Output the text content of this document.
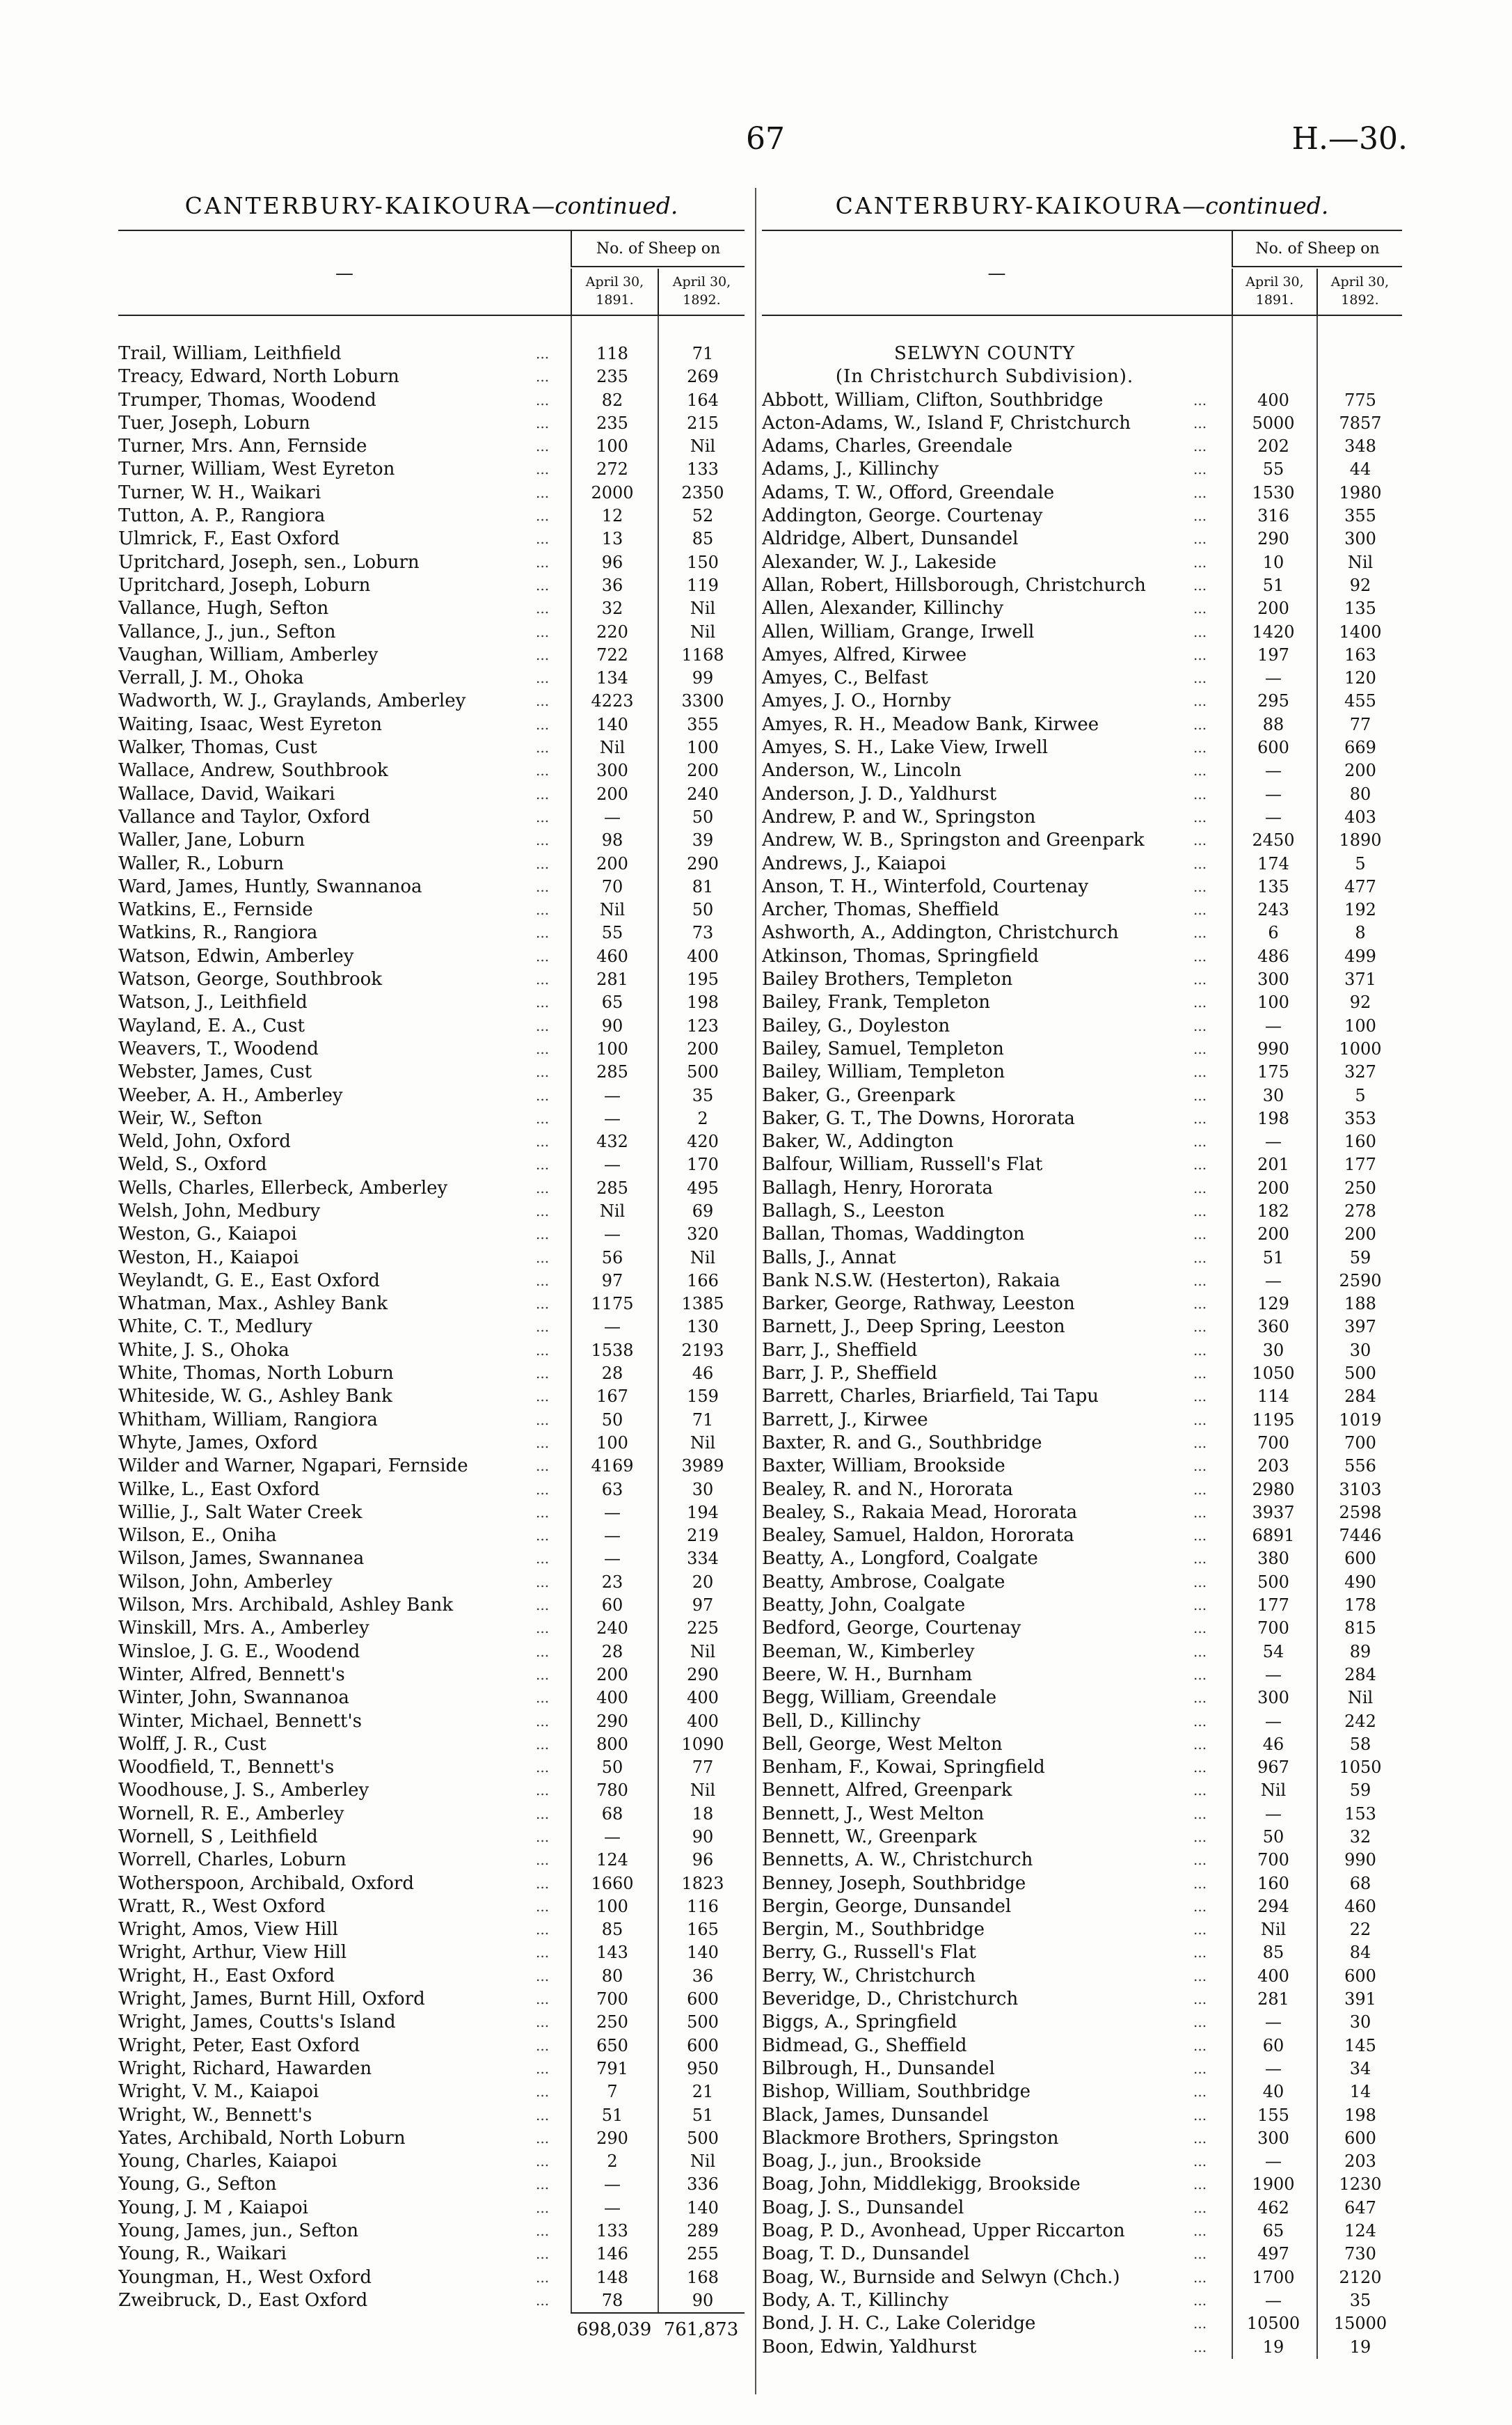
67	H.—30.
CANTERBURY-KAIKOURA—continued.
—
No. of Sheep on
April 30, 1891.
April 30, 1892.
Trail, William, Leithfield	...	118	71
Treacy, Edward, North Loburn	...	235	269
Trumper, Thomas, Woodend	...	82	164
Tuer, Joseph, Loburn	...	235	215
Turner, Mrs. Ann, Fernside	...	100	Nil
Turner, William, West Eyreton	...	272	133
Turner, W. H., Waikari	...	2000	2350
Tutton, A. P., Rangiora	...	12	52
Ulmrick, F., East Oxford	...	13	85
Upritchard, Joseph, sen., Loburn	...	96	150
Upritchard, Joseph, Loburn	...	36	119
Vallance, Hugh, Sefton	...	32	Nil
Vallance, J., jun., Sefton	...	220	Nil
Vaughan, William, Amberley	...	722	1168
Verrall, J. M., Ohoka	...	134	99
Wadworth, W. J., Graylands, Amberley	...	4223	3300
Waiting, Isaac, West Eyreton	...	140	355
Walker, Thomas, Cust	...	Nil	100
Wallace, Andrew, Southbrook	...	300	200
Wallace, David, Waikari	...	200	240
Vallance and Taylor, Oxford	...	—	50
Waller, Jane, Loburn	...	98	39
Waller, R., Loburn	...	200	290
Ward, James, Huntly, Swannanoa	...	70	81
Watkins, E., Fernside	...	Nil	50
Watkins, R., Rangiora	...	55	73
Watson, Edwin, Amberley	...	460	400
Watson, George, Southbrook	...	281	195
Watson, J., Leithfield	...	65	198
Wayland, E. A., Cust	...	90	123
Weavers, T., Woodend	...	100	200
Webster, James, Cust	...	285	500
Weeber, A. H., Amberley	...	—	35
Weir, W., Sefton	...	—	2
Weld, John, Oxford	...	432	420
Weld, S., Oxford	...	—	170
Wells, Charles, Ellerbeck, Amberley	...	285	495
Welsh, John, Medbury	...	Nil	69
Weston, G., Kaiapoi	...	—	320
Weston, H., Kaiapoi	...	56	Nil
Weylandt, G. E., East Oxford	...	97	166
Whatman, Max., Ashley Bank	...	1175	1385
White, C. T., Medlury	...	—	130
White, J. S., Ohoka	...	1538	2193
White, Thomas, North Loburn	...	28	46
Whiteside, W. G., Ashley Bank	...	167	159
Whitham, William, Rangiora	...	50	71
Whyte, James, Oxford	...	100	Nil
Wilder and Warner, Ngapari, Fernside	...	4169	3989
Wilke, L., East Oxford	...	63	30
Willie, J., Salt Water Creek	...	—	194
Wilson, E., Oniha	...	—	219
Wilson, James, Swannanea	...	—	334
Wilson, John, Amberley	...	23	20
Wilson, Mrs. Archibald, Ashley Bank	...	60	97
Winskill, Mrs. A., Amberley	...	240	225
Winsloe, J. G. E., Woodend	...	28	Nil
Winter, Alfred, Bennett's	...	200	290
Winter, John, Swannanoa	...	400	400
Winter, Michael, Bennett's	...	290	400
Wolff, J. R., Cust	...	800	1090
Woodfield, T., Bennett's	...	50	77
Woodhouse, J. S., Amberley	...	780	Nil
Wornell, R. E., Amberley	...	68	18
Wornell, S , Leithfield	...	—	90
Worrell, Charles, Loburn	...	124	96
Wotherspoon, Archibald, Oxford	...	1660	1823
Wratt, R., West Oxford	...	100	116
Wright, Amos, View Hill	...	85	165
Wright, Arthur, View Hill	...	143	140
Wright, H., East Oxford	...	80	36
Wright, James, Burnt Hill, Oxford	...	700	600
Wright, James, Coutts's Island	...	250	500
Wright, Peter, East Oxford	...	650	600
Wright, Richard, Hawarden	...	791	950
Wright, V. M., Kaiapoi	...	7	21
Wright, W., Bennett's	...	51	51
Yates, Archibald, North Loburn	...	290	500
Young, Charles, Kaiapoi	...	2	Nil
Young, G., Sefton	...	—	336
Young, J. M , Kaiapoi	...	—	140
Young, James, jun., Sefton	...	133	289
Young, R., Waikari	...	146	255
Youngman, H., West Oxford	...	148	168
Zweibruck, D., East Oxford	...	78	90
698,039 761,873
CANTERBURY-KAIKOURA—continued.
—
No. of Sheep on
April 30, 1891.
April 30, 1892.
SELWYN COUNTY
(In Christchurch Subdivision).
Abbott, William, Clifton, Southbridge	...	400	775
Acton-Adams, W., Island F, Christchurch	...	5000	7857
Adams, Charles, Greendale	...	202	348
Adams, J., Killinchy	...	55	44
Adams, T. W., Offord, Greendale	...	1530	1980
Addington, George. Courtenay	...	316	355
Aldridge, Albert, Dunsandel	...	290	300
Alexander, W. J., Lakeside	...	10	Nil
Allan, Robert, Hillsborough, Christchurch	...	51	92
Allen, Alexander, Killinchy	...	200	135
Allen, William, Grange, Irwell	...	1420	1400
Amyes, Alfred, Kirwee	...	197	163
Amyes, C., Belfast	...	—	120
Amyes, J. O., Hornby	...	295	455
Amyes, R. H., Meadow Bank, Kirwee	...	88	77
Amyes, S. H., Lake View, Irwell	...	600	669
Anderson, W., Lincoln	...	—	200
Anderson, J. D., Yaldhurst	...	—	80
Andrew, P. and W., Springston	...	—	403
Andrew, W. B., Springston and Greenpark	...	2450	1890
Andrews, J., Kaiapoi	...	174	5
Anson, T. H., Winterfold, Courtenay	...	135	477
Archer, Thomas, Sheffield	...	243	192
Ashworth, A., Addington, Christchurch	...	6	8
Atkinson, Thomas, Springfield	...	486	499
Bailey Brothers, Templeton	...	300	371
Bailey, Frank, Templeton	...	100	92
Bailey, G., Doyleston	...	—	100
Bailey, Samuel, Templeton	...	990	1000
Bailey, William, Templeton	...	175	327
Baker, G., Greenpark	...	30	5
Baker, G. T., The Downs, Hororata	...	198	353
Baker, W., Addington	...	—	160
Balfour, William, Russell's Flat	...	201	177
Ballagh, Henry, Hororata	...	200	250
Ballagh, S., Leeston	...	182	278
Ballan, Thomas, Waddington	...	200	200
Balls, J., Annat	...	51	59
Bank N.S.W. (Hesterton), Rakaia	...	—	2590
Barker, George, Rathway, Leeston	...	129	188
Barnett, J., Deep Spring, Leeston	...	360	397
Barr, J., Sheffield	...	30	30
Barr, J. P., Sheffield	...	1050	500
Barrett, Charles, Briarfield, Tai Tapu	...	114	284
Barrett, J., Kirwee	...	1195	1019
Baxter, R. and G., Southbridge	...	700	700
Baxter, William, Brookside	...	203	556
Bealey, R. and N., Hororata	...	2980	3103
Bealey, S., Rakaia Mead, Hororata	...	3937	2598
Bealey, Samuel, Haldon, Hororata	...	6891	7446
Beatty, A., Longford, Coalgate	...	380	600
Beatty, Ambrose, Coalgate	...	500	490
Beatty, John, Coalgate	...	177	178
Bedford, George, Courtenay	...	700	815
Beeman, W., Kimberley	...	54	89
Beere, W. H., Burnham	...	—	284
Begg, William, Greendale	...	300	Nil
Bell, D., Killinchy	...	—	242
Bell, George, West Melton	...	46	58
Benham, F., Kowai, Springfield	...	967	1050
Bennett, Alfred, Greenpark	...	Nil	59
Bennett, J., West Melton	...	—	153
Bennett, W., Greenpark	...	50	32
Bennetts, A. W., Christchurch	...	700	990
Benney, Joseph, Southbridge	...	160	68
Bergin, George, Dunsandel	...	294	460
Bergin, M., Southbridge	...	Nil	22
Berry, G., Russell's Flat	...	85	84
Berry, W., Christchurch	...	400	600
Beveridge, D., Christchurch	...	281	391
Biggs, A., Springfield	...	—	30
Bidmead, G., Sheffield	...	60	145
Bilbrough, H., Dunsandel	...	—	34
Bishop, William, Southbridge	...	40	14
Black, James, Dunsandel	...	155	198
Blackmore Brothers, Springston	...	300	600
Boag, J., jun., Brookside	...	—	203
Boag, John, Middlekigg, Brookside	...	1900	1230
Boag, J. S., Dunsandel	...	462	647
Boag, P. D., Avonhead, Upper Riccarton	...	65	124
Boag, T. D., Dunsandel	...	497	730
Boag, W., Burnside and Selwyn (Chch.)	...	1700	2120
Body, A. T., Killinchy	...	—	35
Bond, J. H. C., Lake Coleridge	...	10500	15000
Boon, Edwin, Yaldhurst	...	19	19
